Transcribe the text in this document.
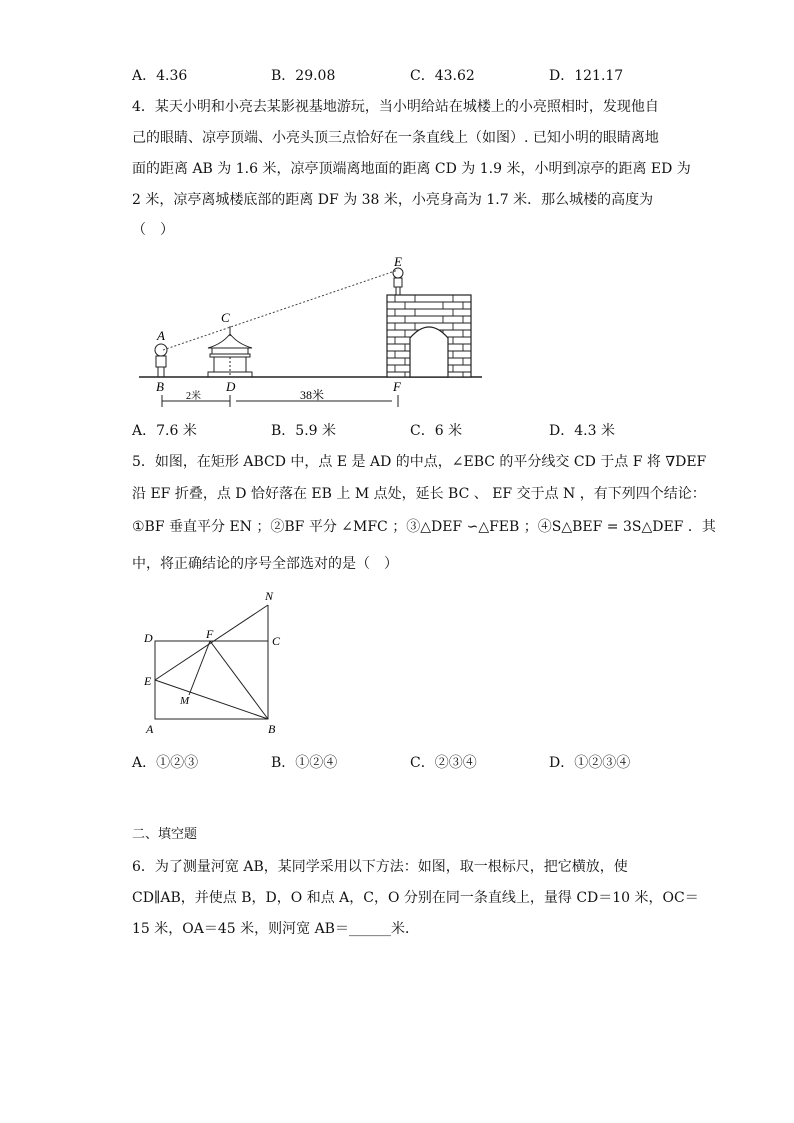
A．4.36	B．29.08	C．43.62	D．121.17
4．某天小明和小亮去某影视基地游玩，当小明给站在城楼上的小亮照相时，发现他自
己的眼睛、凉亭顶端、小亮头顶三点恰好在一条直线上（如图）. 已知小明的眼睛离地
面的距离 AB 为 1.6 米，凉亭顶端离地面的距离 CD 为 1.9 米，小明到凉亭的距离 ED 为
2 米，凉亭离城楼底部的距离 DF 为 38 米，小亮身高为 1.7 米．那么城楼的高度为
（　）
A
B
C
D
E
F
2米	38米
A	B
C
D
E
F
M
N
A．7.6 米	B．5.9 米	C．6 米	D．4.3 米
5．如图，在矩形 ABCD 中，点 E 是 AD 的中点，∠EBC 的平分线交 CD 于点 F 将 ∇DEF
沿 EF 折叠，点 D 恰好落在 EB 上 M 点处，延长 BC 、 EF 交于点 N ，有下列四个结论：
①BF 垂直平分 EN ；②BF 平分 ∠MFC ；③△DEF ∽△FEB ；④S△BEF = 3S△DEF ．其
中，将正确结论的序号全部选对的是（　）
A．①②③	B．①②④	C．②③④	D．①②③④
二、填空题
6．为了测量河宽 AB，某同学采用以下方法：如图，取一根标尺，把它横放，使
CD∥AB，并使点 B，D，O 和点 A，C，O 分别在同一条直线上，量得 CD＝10 米，OC＝
15 米，OA＝45 米，则河宽 AB＝______米．
